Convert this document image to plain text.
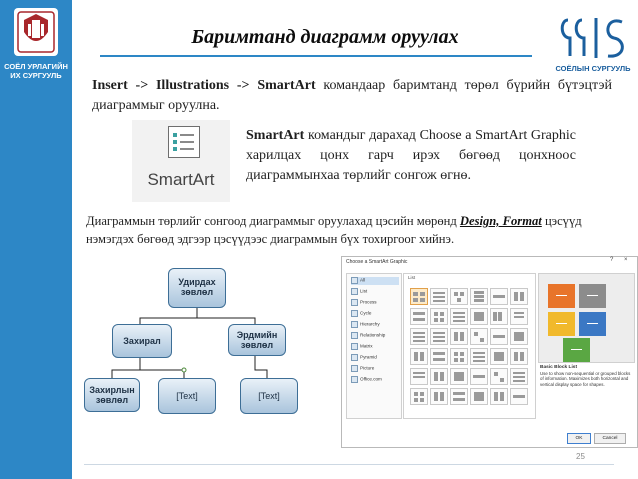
СОЁЛ УРЛАГИЙН
ИХ СУРГУУЛЬ
Баримтанд диаграмм оруулах
СОЁЛЫН СУРГУУЛЬ
Insert -> Illustrations -> SmartArt командаар баримтанд төрөл бүрийн бүтэцтэй диаграммыг оруулна.
SmartArt
SmartArt командыг дарахад Choose a SmartArt Graphic харилцах цонх гарч ирэх бөгөөд цонхноос диаграммынхаа төрлийг сонгож өгнө.
Диаграммын төрлийг сонгоод диаграммыг оруулахад цэсийн мөрөнд Design, Format цэсүүд нэмэгдэх бөгөөд эдгээр цэсүүдээс диаграммын бүх тохиргоог хийнэ.
Удирдах
зөвлөл
Захирал
Эрдмийн
зөвлөл
Захирлын
зөвлөл	[Text]	[Text]
Choose a SmartArt Graphic	? ×
All
List
Process
Cycle
Hierarchy
Relationship
Matrix
Pyramid
Picture
Office.com
List
Basic Block List
Use to show non-sequential or grouped blocks of information. Maximizes both horizontal and vertical display space for shapes.
OK	Cancel
25
